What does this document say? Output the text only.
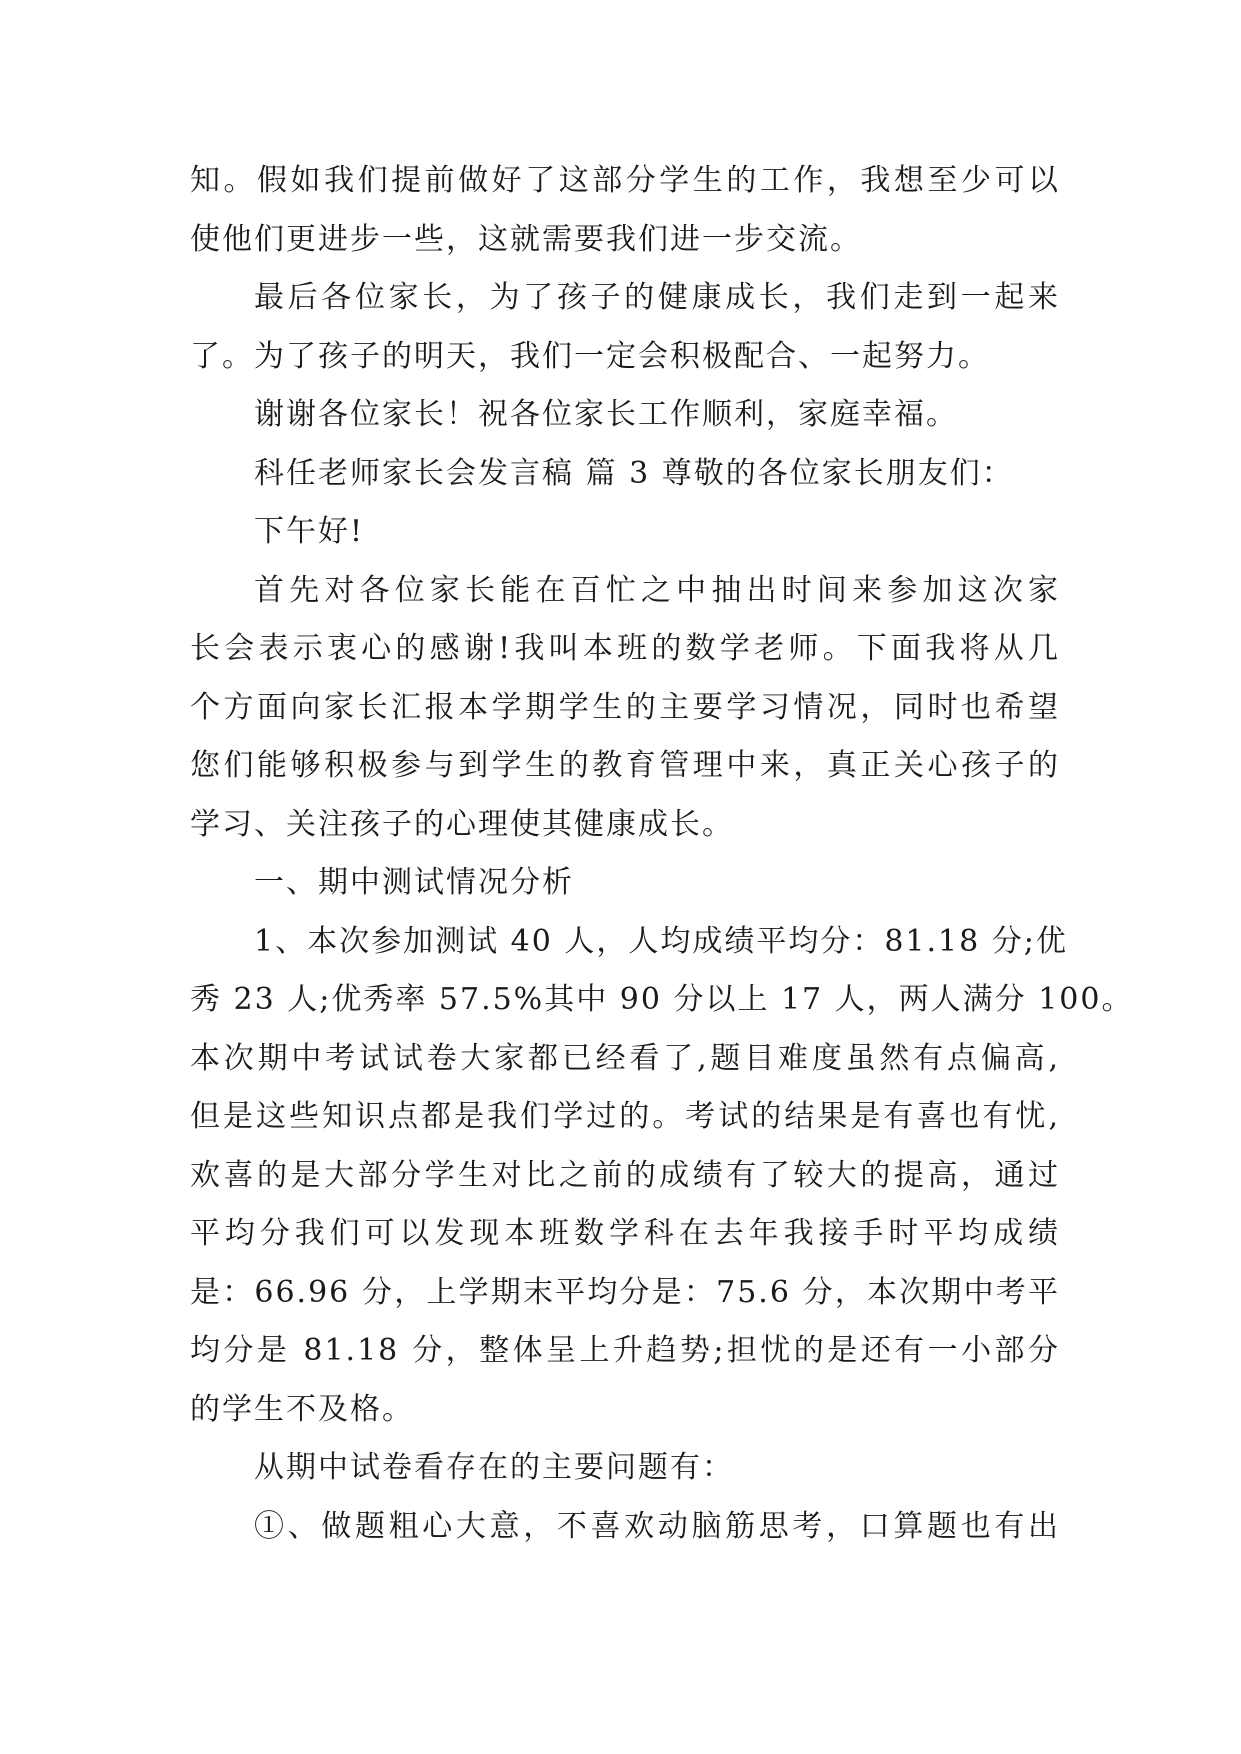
知。假如我们提前做好了这部分学生的工作，我想至少可以
使他们更进步一些，这就需要我们进一步交流。
最后各位家长，为了孩子的健康成长，我们走到一起来
了。为了孩子的明天，我们一定会积极配合、一起努力。
谢谢各位家长！祝各位家长工作顺利，家庭幸福。
科任老师家长会发言稿 篇 3 尊敬的各位家长朋友们：
下午好!
首先对各位家长能在百忙之中抽出时间来参加这次家
长会表示衷心的感谢!我叫本班的数学老师。下面我将从几
个方面向家长汇报本学期学生的主要学习情况，同时也希望
您们能够积极参与到学生的教育管理中来，真正关心孩子的
学习、关注孩子的心理使其健康成长。
一、期中测试情况分析
1、本次参加测试 40 人，人均成绩平均分：81.18 分;优
秀 23 人;优秀率 57.5%其中 90 分以上 17 人，两人满分 100。
本次期中考试试卷大家都已经看了,题目难度虽然有点偏高,
但是这些知识点都是我们学过的。考试的结果是有喜也有忧,
欢喜的是大部分学生对比之前的成绩有了较大的提高，通过
平均分我们可以发现本班数学科在去年我接手时平均成绩
是：66.96 分，上学期末平均分是：75.6 分，本次期中考平
均分是 81.18 分，整体呈上升趋势;担忧的是还有一小部分
的学生不及格。
从期中试卷看存在的主要问题有：
①、做题粗心大意，不喜欢动脑筋思考，口算题也有出
